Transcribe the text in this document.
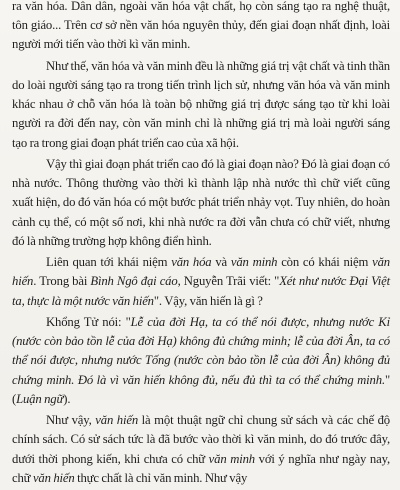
ra văn hóa. Dân dân, ngoài văn hóa vật chất, họ còn sáng tạo ra nghệ thuật, tôn giáo... Trên cơ sở nền văn hóa nguyên thủy, đến giai đoạn nhất định, loài người mới tiến vào thời kì văn minh.

Như thế, văn hóa và văn minh đều là những giá trị vật chất và tinh thần do loài người sáng tạo ra trong tiến trình lịch sử, nhưng văn hóa và văn minh khác nhau ở chỗ văn hóa là toàn bộ những giá trị được sáng tạo từ khi loài người ra đời đến nay, còn văn minh chỉ là những giá trị mà loài người sáng tạo ra trong giai đoạn phát triển cao của xã hội.

Vậy thì giai đoạn phát triển cao đó là giai đoạn nào? Đó là giai đoạn có nhà nước. Thông thường vào thời kì thành lập nhà nước thì chữ viết cũng xuất hiện, do đó văn hóa có một bước phát triển nhảy vọt. Tuy nhiên, do hoàn cảnh cụ thể, có một số nơi, khi nhà nước ra đời vẫn chưa có chữ viết, nhưng đó là những trường hợp không điển hình.

Liên quan tới khái niệm văn hóa và văn minh còn có khái niệm văn hiến. Trong bài Bình Ngô đại cáo, Nguyễn Trãi viết: "Xét như nước Đại Việt ta, thực là một nước văn hiến". Vậy, văn hiến là gì ?

Khổng Tử nói: "Lễ của đời Hạ, ta có thể nói được, nhưng nước Kỉ (nước còn bảo tồn lễ của đời Hạ) không đủ chứng minh; lễ của đời Ân, ta có thể nói được, nhưng nước Tống (nước còn bảo tồn lễ của đời Ân) không đủ chứng minh. Đó là vì văn hiến không đủ, nếu đủ thì ta có thể chứng minh." (Luận ngữ).

Như vậy, văn hiến là một thuật ngữ chỉ chung sử sách và các chế độ chính sách. Có sử sách tức là đã bước vào thời kì văn minh, do đó trước đây, dưới thời phong kiến, khi chưa có chữ văn minh với ý nghĩa như ngày nay, chữ văn hiến thực chất là chỉ văn minh. Như vậy
